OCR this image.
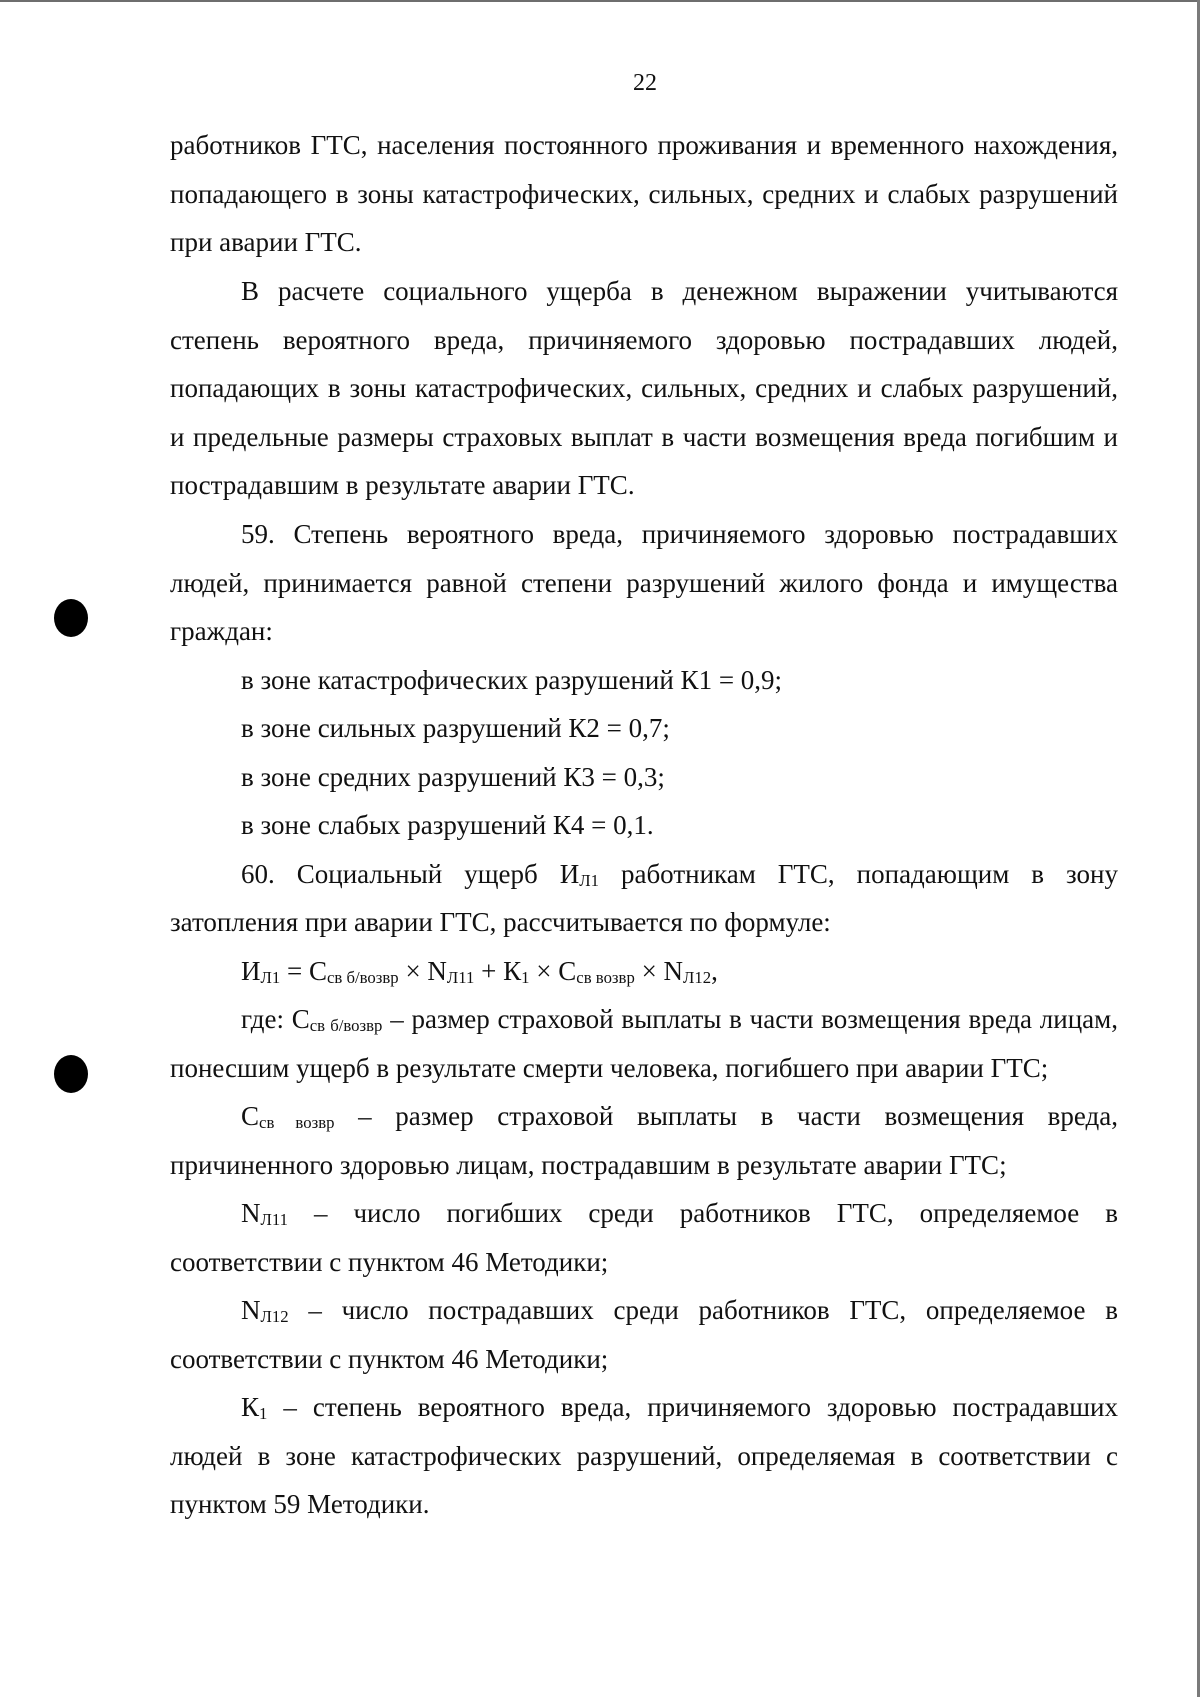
22

работников ГТС, населения постоянного проживания и временного нахождения, попадающего в зоны катастрофических, сильных, средних и слабых разрушений при аварии ГТС.

В расчете социального ущерба в денежном выражении учитываются степень вероятного вреда, причиняемого здоровью пострадавших людей, попадающих в зоны катастрофических, сильных, средних и слабых разрушений, и предельные размеры страховых выплат в части возмещения вреда погибшим и пострадавшим в результате аварии ГТС.

59. Степень вероятного вреда, причиняемого здоровью пострадавших людей, принимается равной степени разрушений жилого фонда и имущества граждан:

в зоне катастрофических разрушений К1 = 0,9;

в зоне сильных разрушений К2 = 0,7;

в зоне средних разрушений К3 = 0,3;

в зоне слабых разрушений К4 = 0,1.

60. Социальный ущерб $И_{Л1}$ работникам ГТС, попадающим в зону затопления при аварии ГТС, рассчитывается по формуле:

$И_{Л1} = С_{св б/возвр} \times N_{Л11} + К_1 \times С_{св возвр} \times N_{Л12}$,

где: $С_{св б/возвр}$ – размер страховой выплаты в части возмещения вреда лицам, понесшим ущерб в результате смерти человека, погибшего при аварии ГТС;

$С_{св возвр}$ – размер страховой выплаты в части возмещения вреда, причиненного здоровью лицам, пострадавшим в результате аварии ГТС;

$N_{Л11}$ – число погибших среди работников ГТС, определяемое в соответствии с пунктом 46 Методики;

$N_{Л12}$ – число пострадавших среди работников ГТС, определяемое в соответствии с пунктом 46 Методики;

$К_1$ – степень вероятного вреда, причиняемого здоровью пострадавших людей в зоне катастрофических разрушений, определяемая в соответствии с пунктом 59 Методики.
